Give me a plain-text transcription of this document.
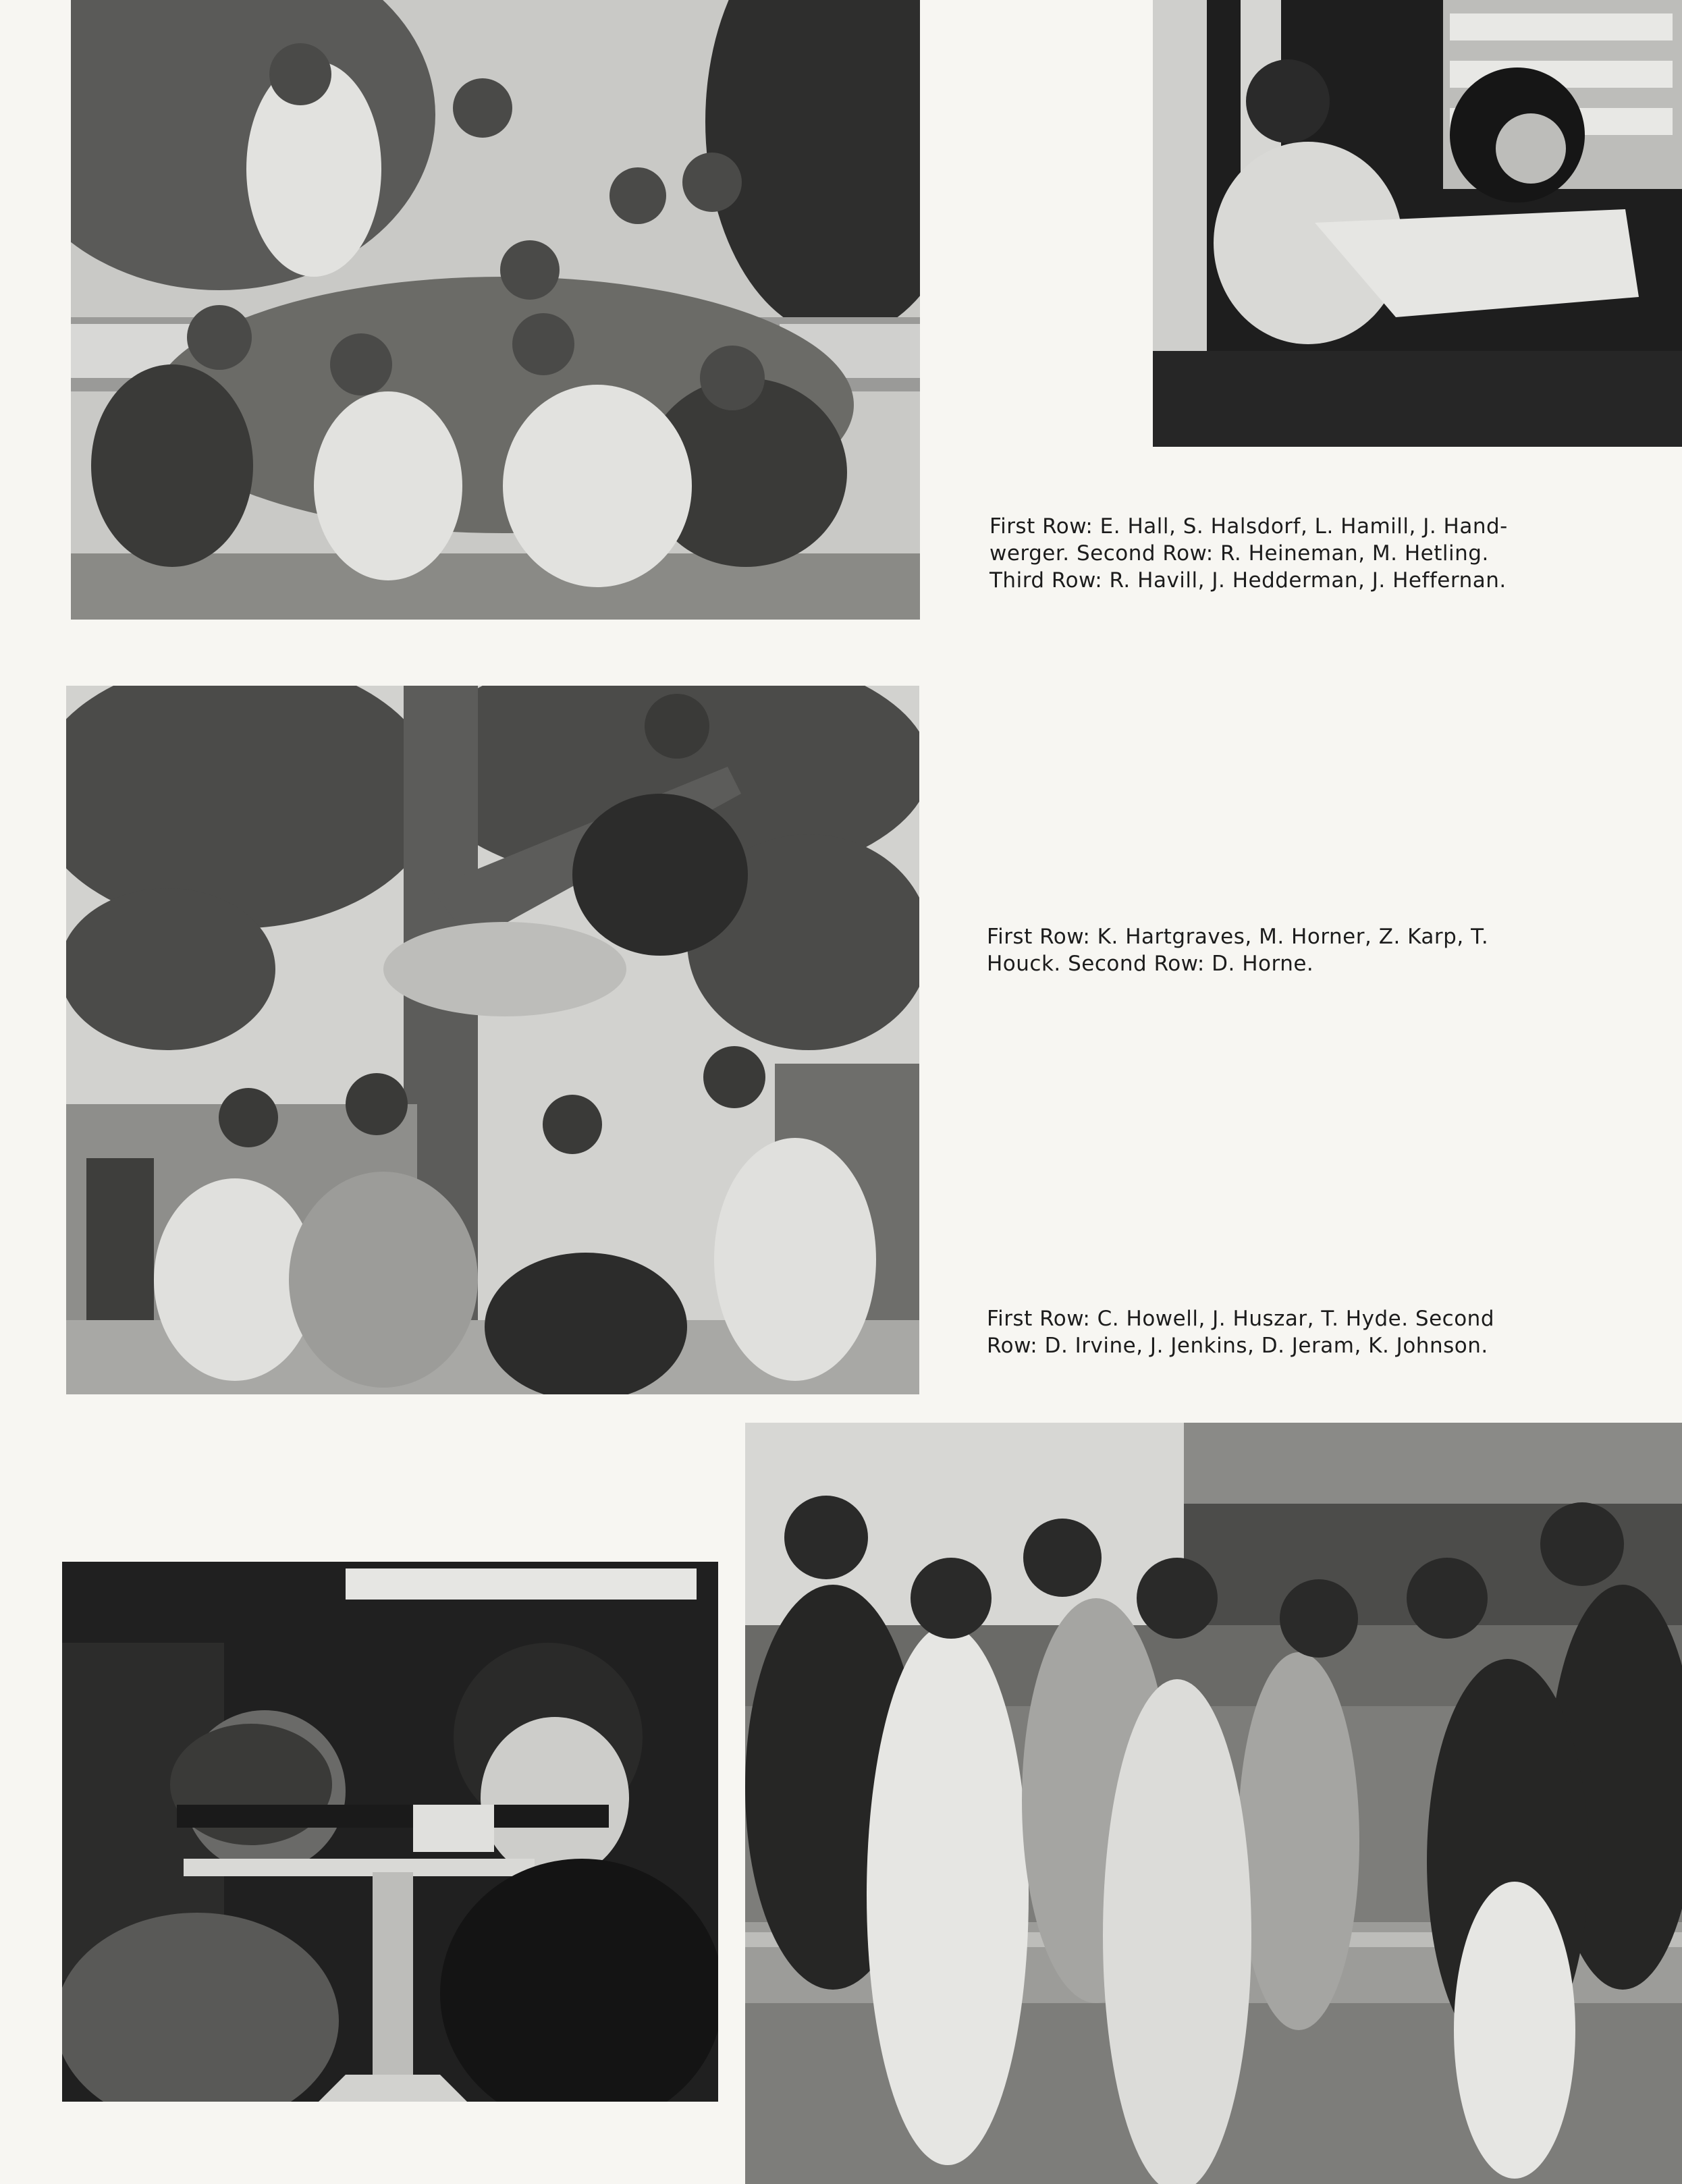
First Row: E. Hall, S. Halsdorf, L. Hamill, J. Hand-
werger. Second Row: R. Heineman, M. Hetling.
Third Row: R. Havill, J. Hedderman, J. Heffernan.
First Row: K. Hartgraves, M. Horner, Z. Karp, T.
Houck. Second Row: D. Horne.
First Row: C. Howell, J. Huszar, T. Hyde. Second
Row: D. Irvine, J. Jenkins, D. Jeram, K. Johnson.
